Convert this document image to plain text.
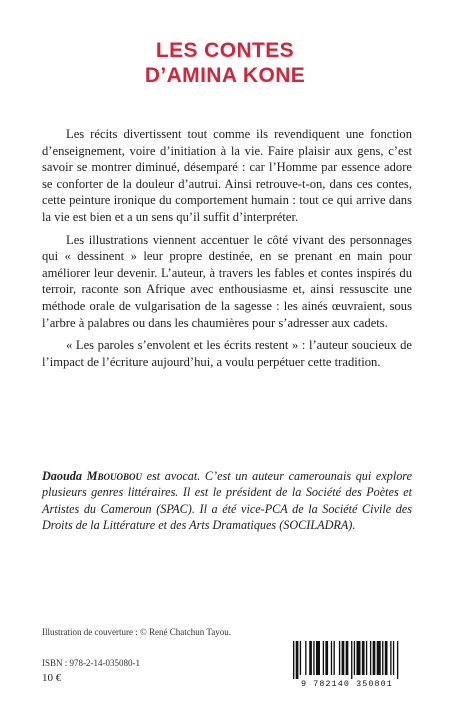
LES CONTES
D’AMINA KONE

Les récits divertissent tout comme ils revendiquent une fonction d’enseignement, voire d’initiation à la vie. Faire plaisir aux gens, c’est savoir se montrer diminué, désemparé : car l’Homme par essence adore se conforter de la douleur d’autrui. Ainsi retrouve-t-on, dans ces contes, cette peinture ironique du comportement humain : tout ce qui arrive dans la vie est bien et a un sens qu’il suffit d’interpréter.

Les illustrations viennent accentuer le côté vivant des personnages qui « dessinent » leur propre destinée, en se prenant en main pour améliorer leur devenir. L’auteur, à travers les fables et contes inspirés du terroir, raconte son Afrique avec enthousiasme et, ainsi ressuscite une méthode orale de vulgarisation de la sagesse : les ainés œuvraient, sous l’arbre à palabres ou dans les chaumières pour s’adresser aux cadets.

« Les paroles s’envolent et les écrits restent » : l’auteur soucieux de l’impact de l’écriture aujourd’hui, a voulu perpétuer cette tradition.

Daouda Mbouobou est avocat. C’est un auteur camerounais qui explore plusieurs genres littéraires. Il est le président de la Société des Poètes et Artistes du Cameroun (SPAC). Il a été vice-PCA de la Société Civile des Droits de la Littérature et des Arts Dramatiques (SOCILADRA).
Illustration de couverture : © René Chatchun Tayou.
ISBN : 978-2-14-035080-1
10 €	9 782140 350801
